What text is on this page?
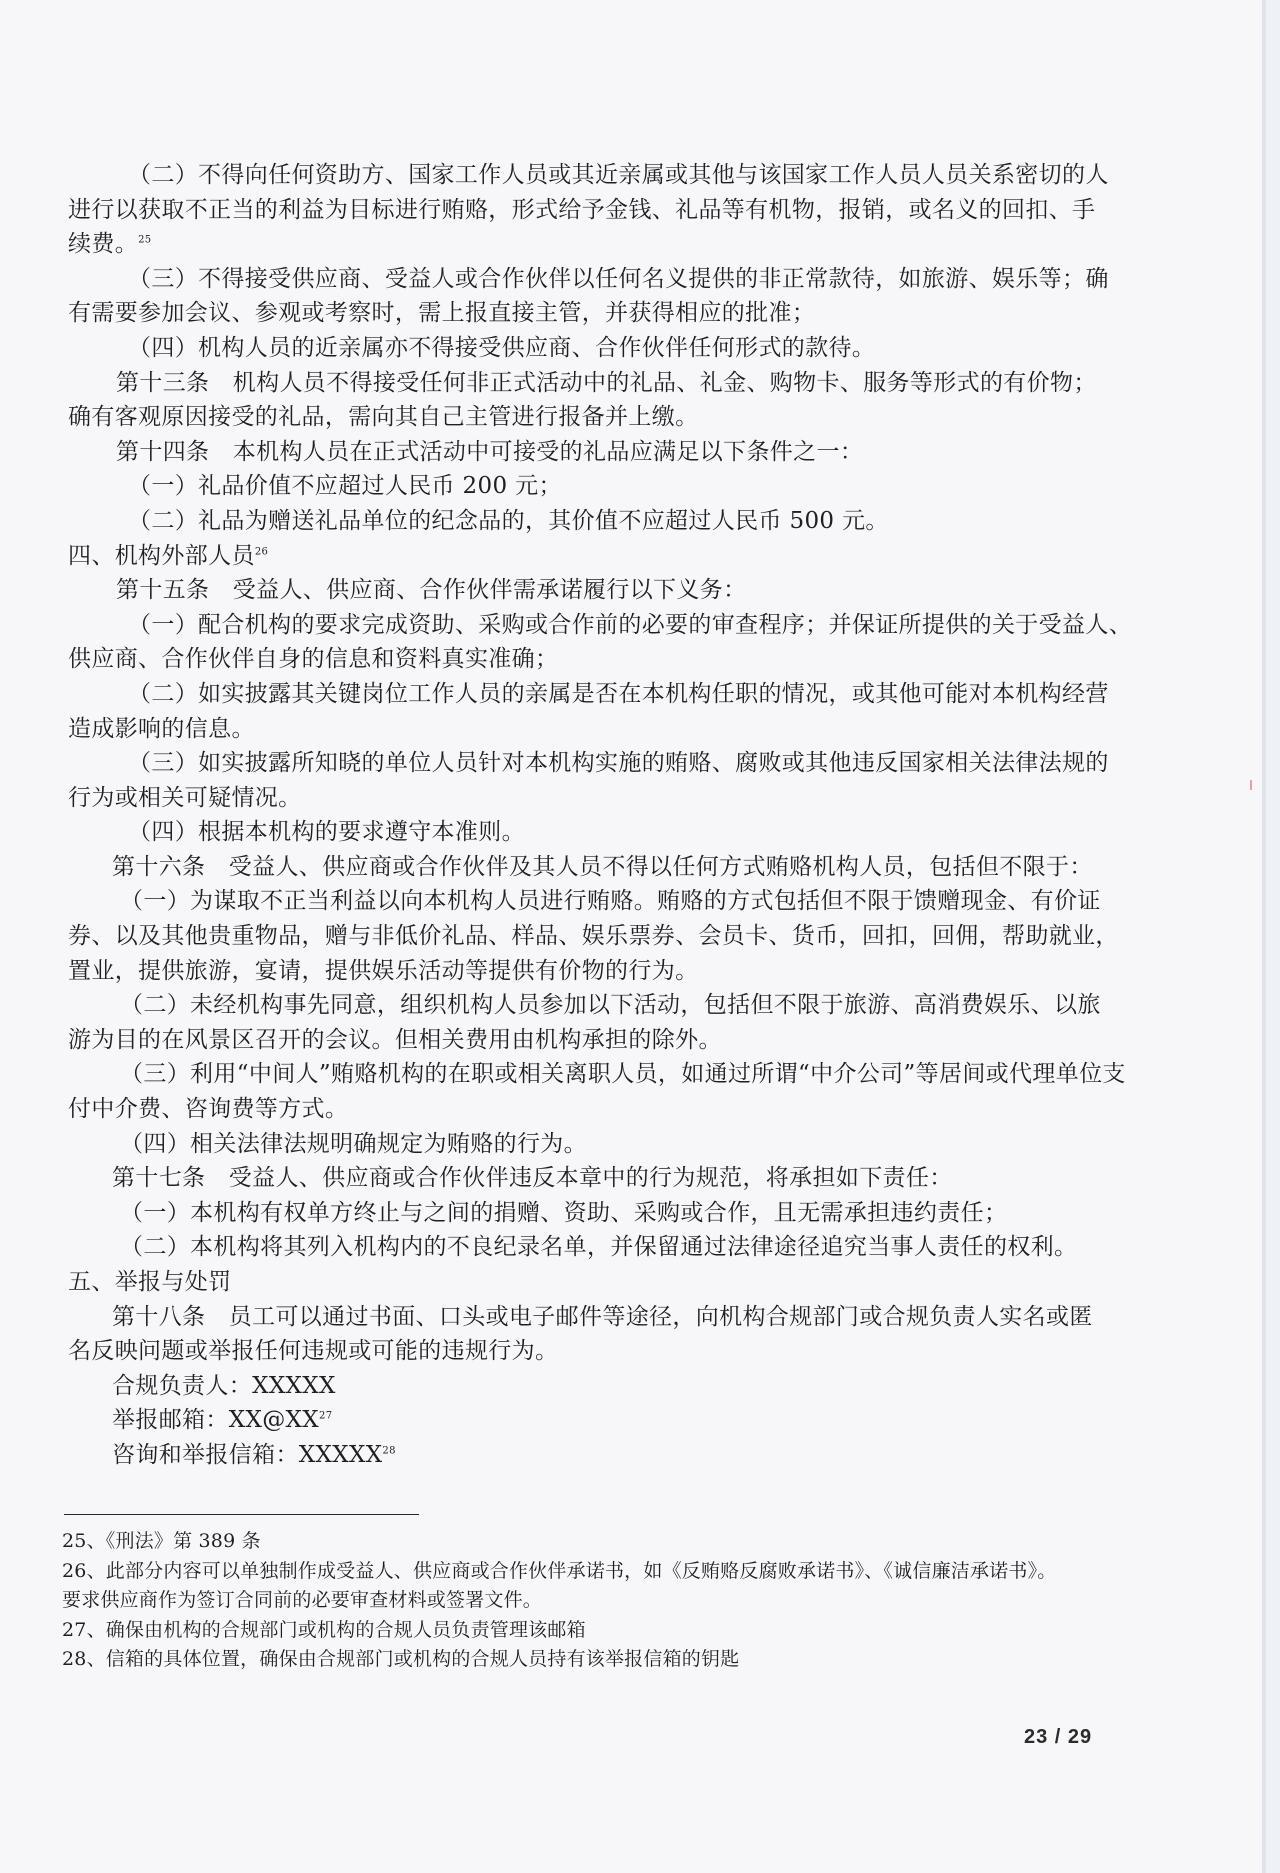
（二）不得向任何资助方、国家工作人员或其近亲属或其他与该国家工作人员人员关系密切的人
进行以获取不正当的利益为目标进行贿赂，形式给予金钱、礼品等有机物，报销，或名义的回扣、手
续费。$^{25}$
（三）不得接受供应商、受益人或合作伙伴以任何名义提供的非正常款待，如旅游、娱乐等；确
有需要参加会议、参观或考察时，需上报直接主管，并获得相应的批准；
（四）机构人员的近亲属亦不得接受供应商、合作伙伴任何形式的款待。
第十三条　机构人员不得接受任何非正式活动中的礼品、礼金、购物卡、服务等形式的有价物；
确有客观原因接受的礼品，需向其自己主管进行报备并上缴。
第十四条　本机构人员在正式活动中可接受的礼品应满足以下条件之一：
（一）礼品价值不应超过人民币 200 元；
（二）礼品为赠送礼品单位的纪念品的，其价值不应超过人民币 500 元。
四、机构外部人员$^{26}$
第十五条　受益人、供应商、合作伙伴需承诺履行以下义务：
（一）配合机构的要求完成资助、采购或合作前的必要的审查程序；并保证所提供的关于受益人、
供应商、合作伙伴自身的信息和资料真实准确；
（二）如实披露其关键岗位工作人员的亲属是否在本机构任职的情况，或其他可能对本机构经营
造成影响的信息。
（三）如实披露所知晓的单位人员针对本机构实施的贿赂、腐败或其他违反国家相关法律法规的
行为或相关可疑情况。
（四）根据本机构的要求遵守本准则。
第十六条　受益人、供应商或合作伙伴及其人员不得以任何方式贿赂机构人员，包括但不限于：
（一）为谋取不正当利益以向本机构人员进行贿赂。贿赂的方式包括但不限于馈赠现金、有价证
券、以及其他贵重物品，赠与非低价礼品、样品、娱乐票券、会员卡、货币，回扣，回佣，帮助就业，
置业，提供旅游，宴请，提供娱乐活动等提供有价物的行为。
（二）未经机构事先同意，组织机构人员参加以下活动，包括但不限于旅游、高消费娱乐、以旅
游为目的在风景区召开的会议。但相关费用由机构承担的除外。
（三）利用“中间人”贿赂机构的在职或相关离职人员，如通过所谓“中介公司”等居间或代理单位支
付中介费、咨询费等方式。
（四）相关法律法规明确规定为贿赂的行为。
第十七条　受益人、供应商或合作伙伴违反本章中的行为规范，将承担如下责任：
（一）本机构有权单方终止与之间的捐赠、资助、采购或合作，且无需承担违约责任；
（二）本机构将其列入机构内的不良纪录名单，并保留通过法律途径追究当事人责任的权利。
五、举报与处罚
第十八条　员工可以通过书面、口头或电子邮件等途径，向机构合规部门或合规负责人实名或匿
名反映问题或举报任何违规或可能的违规行为。
合规负责人：XXXXX
举报邮箱：XX@XX$^{27}$
咨询和举报信箱：XXXXX$^{28}$
25、《刑法》第 389 条
26、此部分内容可以单独制作成受益人、供应商或合作伙伴承诺书，如《反贿赂反腐败承诺书》、《诚信廉洁承诺书》。
要求供应商作为签订合同前的必要审查材料或签署文件。
27、确保由机构的合规部门或机构的合规人员负责管理该邮箱
28、信箱的具体位置，确保由合规部门或机构的合规人员持有该举报信箱的钥匙
23 / 29
